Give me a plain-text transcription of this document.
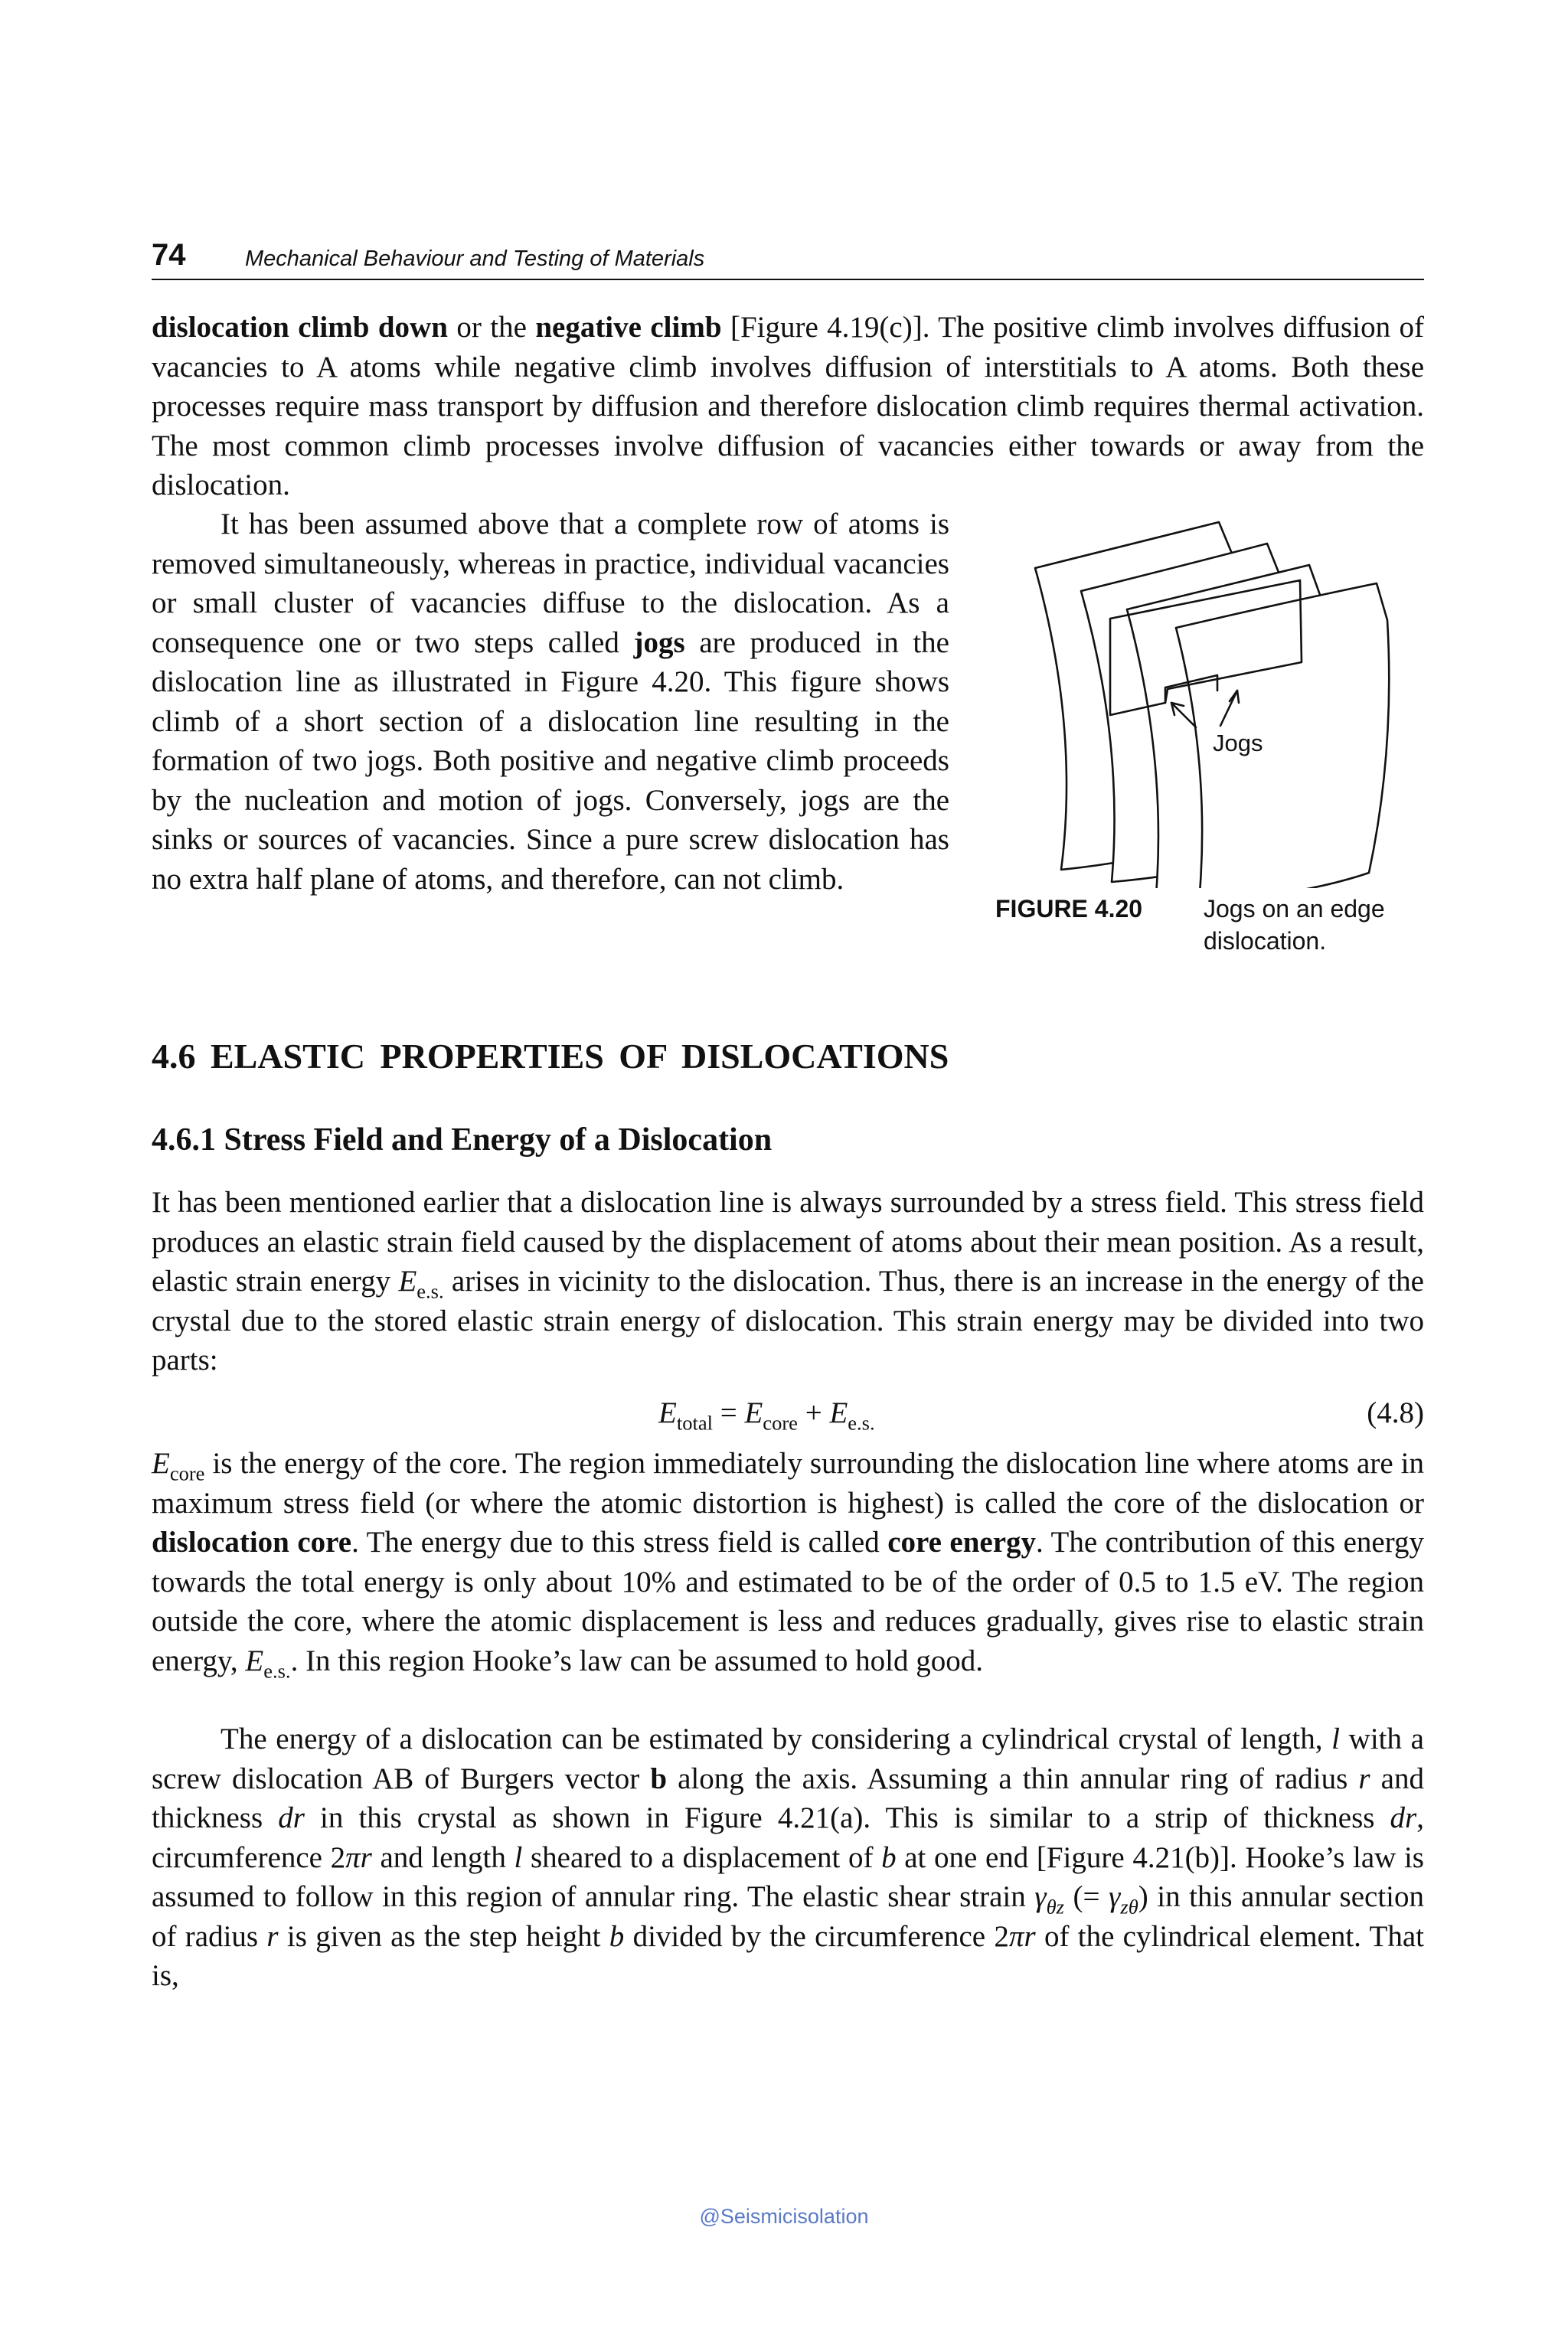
74	Mechanical Behaviour and Testing of Materials
dislocation climb down or the negative climb [Figure 4.19(c)]. The positive climb involves diffusion of vacancies to A atoms while negative climb involves diffusion of interstitials to A atoms. Both these processes require mass transport by diffusion and therefore dislocation climb requires thermal activation. The most common climb processes involve diffusion of vacancies either towards or away from the dislocation.
It has been assumed above that a complete row of atoms is removed simultaneously, whereas in practice, individual vacancies or small cluster of vacancies diffuse to the dislocation. As a consequence one or two steps called jogs are produced in the dislocation line as illustrated in Figure 4.20. This figure shows climb of a short section of a dislocation line resulting in the formation of two jogs. Both positive and negative climb proceeds by the nucleation and motion of jogs. Conversely, jogs are the sinks or sources of vacancies. Since a pure screw dislocation has no extra half plane of atoms, and therefore, can not climb.
Jogs
FIGURE 4.20 Jogs on an edge dislocation.
4.6 ELASTIC PROPERTIES OF DISLOCATIONS
4.6.1 Stress Field and Energy of a Dislocation
It has been mentioned earlier that a dislocation line is always surrounded by a stress field. This stress field produces an elastic strain field caused by the displacement of atoms about their mean position. As a result, elastic strain energy $E_{e.s.}$ arises in vicinity to the dislocation. Thus, there is an increase in the energy of the crystal due to the stored elastic strain energy of dislocation. This strain energy may be divided into two parts:
$E_{total} = E_{core} + E_{e.s.}$	(4.8)
$E_{core}$ is the energy of the core. The region immediately surrounding the dislocation line where atoms are in maximum stress field (or where the atomic distortion is highest) is called the core of the dislocation or dislocation core. The energy due to this stress field is called core energy. The contribution of this energy towards the total energy is only about 10% and estimated to be of the order of 0.5 to 1.5 eV. The region outside the core, where the atomic displacement is less and reduces gradually, gives rise to elastic strain energy, $E_{e.s.}$. In this region Hooke’s law can be assumed to hold good.
The energy of a dislocation can be estimated by considering a cylindrical crystal of length, l with a screw dislocation AB of Burgers vector b along the axis. Assuming a thin annular ring of radius r and thickness dr in this crystal as shown in Figure 4.21(a). This is similar to a strip of thickness dr, circumference 2πr and length l sheared to a displacement of b at one end [Figure 4.21(b)]. Hooke’s law is assumed to follow in this region of annular ring. The elastic shear strain $\gamma_{\theta z}$ (= $\gamma_{z\theta}$) in this annular section of radius r is given as the step height b divided by the circumference 2πr of the cylindrical element. That is,
@Seismicisolation
